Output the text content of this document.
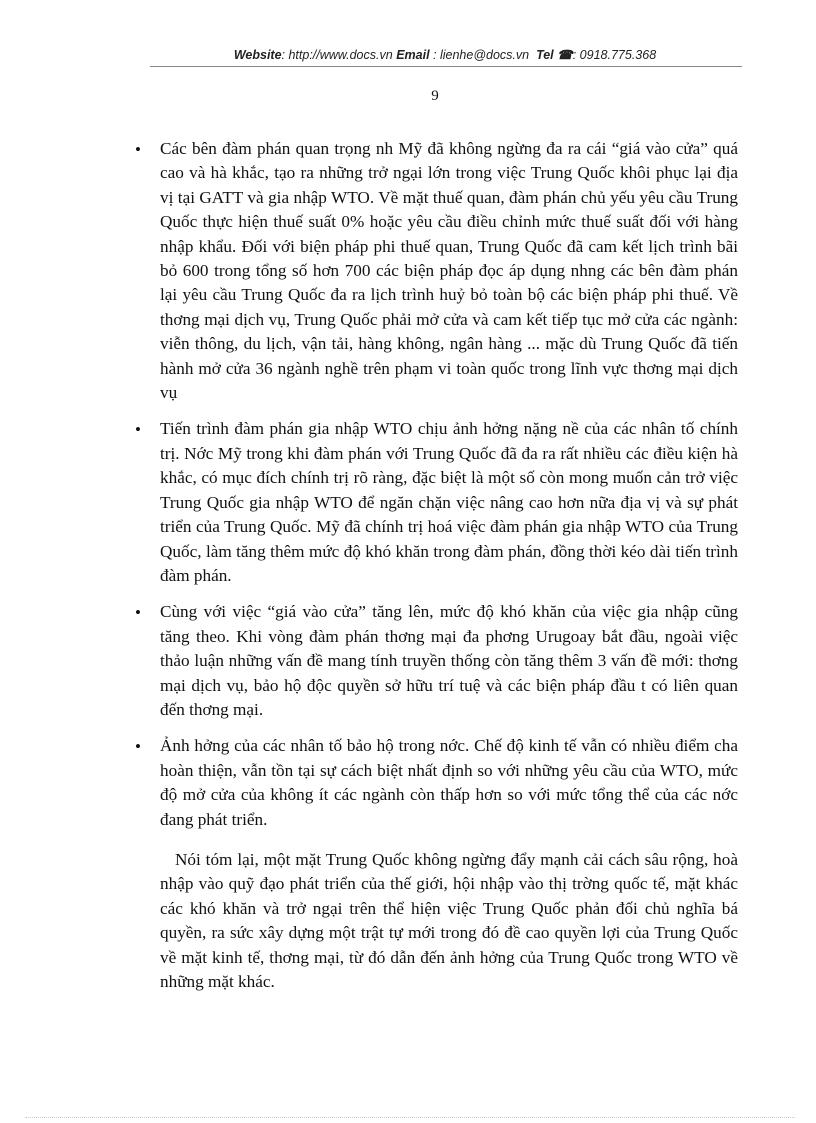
Website: http://www.docs.vn Email : lienhe@docs.vn Tel ☎: 0918.775.368
9
• Các bên đàm phán quan trọng nh Mỹ đã không ngừng đa ra cái “giá vào cửa” quá cao và hà khắc, tạo ra những trở ngại lớn trong việc Trung Quốc khôi phục lại địa vị tại GATT và gia nhập WTO. Về mặt thuế quan, đàm phán chủ yếu yêu cầu Trung Quốc thực hiện thuế suất 0% hoặc yêu cầu điều chỉnh mức thuế suất đối với hàng nhập khẩu. Đối với biện pháp phi thuế quan, Trung Quốc đã cam kết lịch trình bãi bỏ 600 trong tổng số hơn 700 các biện pháp đọc áp dụng nhng các bên đàm phán lại yêu cầu Trung Quốc đa ra lịch trình huỷ bỏ toàn bộ các biện pháp phi thuế. Về thơng mại dịch vụ, Trung Quốc phải mở cửa và cam kết tiếp tục mở cửa các ngành: viễn thông, du lịch, vận tải, hàng không, ngân hàng ... mặc dù Trung Quốc đã tiến hành mở cửa 36 ngành nghề trên phạm vi toàn quốc trong lĩnh vực thơng mại dịch vụ

• Tiến trình đàm phán gia nhập WTO chịu ảnh hởng nặng nề của các nhân tố chính trị. Nớc Mỹ trong khi đàm phán với Trung Quốc đã đa ra rất nhiều các điều kiện hà khắc, có mục đích chính trị rõ ràng, đặc biệt là một số còn mong muốn cản trở việc Trung Quốc gia nhập WTO để ngăn chặn việc nâng cao hơn nữa địa vị và sự phát triển của Trung Quốc. Mỹ đã chính trị hoá việc đàm phán gia nhập WTO của Trung Quốc, làm tăng thêm mức độ khó khăn trong đàm phán, đồng thời kéo dài tiến trình đàm phán.

• Cùng với việc “giá vào cửa” tăng lên, mức độ khó khăn của việc gia nhập cũng tăng theo. Khi vòng đàm phán thơng mại đa phơng Urugoay bắt đầu, ngoài việc thảo luận những vấn đề mang tính truyền thống còn tăng thêm 3 vấn đề mới: thơng mại dịch vụ, bảo hộ độc quyền sở hữu trí tuệ và các biện pháp đầu t có liên quan đến thơng mại.

• Ảnh hởng của các nhân tố bảo hộ trong nớc. Chế độ kinh tế vẫn có nhiều điểm cha hoàn thiện, vẫn tồn tại sự cách biệt nhất định so với những yêu cầu của WTO, mức độ mở cửa của không ít các ngành còn thấp hơn so với mức tổng thể của các nớc đang phát triển.

Nói tóm lại, một mặt Trung Quốc không ngừng đẩy mạnh cải cách sâu rộng, hoà nhập vào quỹ đạo phát triển của thế giới, hội nhập vào thị trờng quốc tế, mặt khác các khó khăn và trở ngại trên thể hiện việc Trung Quốc phản đối chủ nghĩa bá quyền, ra sức xây dựng một trật tự mới trong đó đề cao quyền lợi của Trung Quốc về mặt kinh tế, thơng mại, từ đó dẫn đến ảnh hởng của Trung Quốc trong WTO về những mặt khác.
